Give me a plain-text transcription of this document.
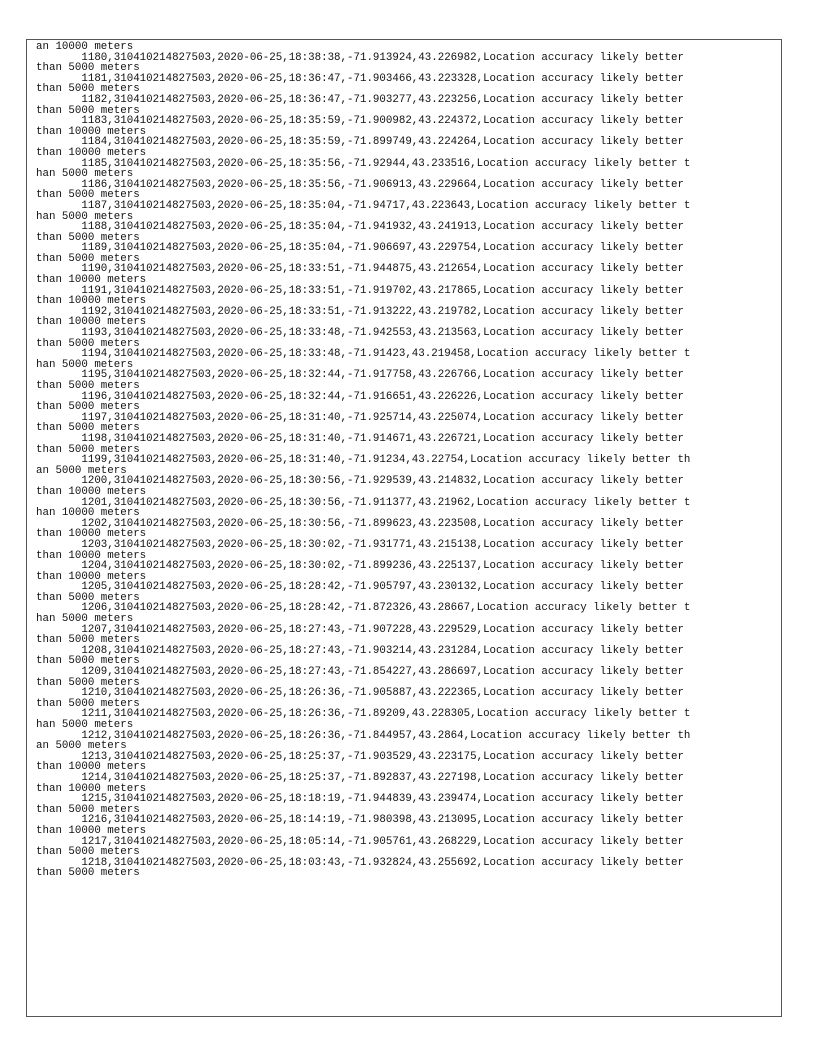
an 10000 meters
1180,310410214827503,2020-06-25,18:38:38,-71.913924,43.226982,Location accuracy likely better
than 5000 meters
1181,310410214827503,2020-06-25,18:36:47,-71.903466,43.223328,Location accuracy likely better
than 5000 meters
1182,310410214827503,2020-06-25,18:36:47,-71.903277,43.223256,Location accuracy likely better
than 5000 meters
1183,310410214827503,2020-06-25,18:35:59,-71.900982,43.224372,Location accuracy likely better
than 10000 meters
1184,310410214827503,2020-06-25,18:35:59,-71.899749,43.224264,Location accuracy likely better
than 10000 meters
1185,310410214827503,2020-06-25,18:35:56,-71.92944,43.233516,Location accuracy likely better t
han 5000 meters
1186,310410214827503,2020-06-25,18:35:56,-71.906913,43.229664,Location accuracy likely better
than 5000 meters
1187,310410214827503,2020-06-25,18:35:04,-71.94717,43.223643,Location accuracy likely better t
han 5000 meters
1188,310410214827503,2020-06-25,18:35:04,-71.941932,43.241913,Location accuracy likely better
than 5000 meters
1189,310410214827503,2020-06-25,18:35:04,-71.906697,43.229754,Location accuracy likely better
than 5000 meters
1190,310410214827503,2020-06-25,18:33:51,-71.944875,43.212654,Location accuracy likely better
than 10000 meters
1191,310410214827503,2020-06-25,18:33:51,-71.919702,43.217865,Location accuracy likely better
than 10000 meters
1192,310410214827503,2020-06-25,18:33:51,-71.913222,43.219782,Location accuracy likely better
than 10000 meters
1193,310410214827503,2020-06-25,18:33:48,-71.942553,43.213563,Location accuracy likely better
than 5000 meters
1194,310410214827503,2020-06-25,18:33:48,-71.91423,43.219458,Location accuracy likely better t
han 5000 meters
1195,310410214827503,2020-06-25,18:32:44,-71.917758,43.226766,Location accuracy likely better
than 5000 meters
1196,310410214827503,2020-06-25,18:32:44,-71.916651,43.226226,Location accuracy likely better
than 5000 meters
1197,310410214827503,2020-06-25,18:31:40,-71.925714,43.225074,Location accuracy likely better
than 5000 meters
1198,310410214827503,2020-06-25,18:31:40,-71.914671,43.226721,Location accuracy likely better
than 5000 meters
1199,310410214827503,2020-06-25,18:31:40,-71.91234,43.22754,Location accuracy likely better th
an 5000 meters
1200,310410214827503,2020-06-25,18:30:56,-71.929539,43.214832,Location accuracy likely better
than 10000 meters
1201,310410214827503,2020-06-25,18:30:56,-71.911377,43.21962,Location accuracy likely better t
han 10000 meters
1202,310410214827503,2020-06-25,18:30:56,-71.899623,43.223508,Location accuracy likely better
than 10000 meters
1203,310410214827503,2020-06-25,18:30:02,-71.931771,43.215138,Location accuracy likely better
than 10000 meters
1204,310410214827503,2020-06-25,18:30:02,-71.899236,43.225137,Location accuracy likely better
than 10000 meters
1205,310410214827503,2020-06-25,18:28:42,-71.905797,43.230132,Location accuracy likely better
than 5000 meters
1206,310410214827503,2020-06-25,18:28:42,-71.872326,43.28667,Location accuracy likely better t
han 5000 meters
1207,310410214827503,2020-06-25,18:27:43,-71.907228,43.229529,Location accuracy likely better
than 5000 meters
1208,310410214827503,2020-06-25,18:27:43,-71.903214,43.231284,Location accuracy likely better
than 5000 meters
1209,310410214827503,2020-06-25,18:27:43,-71.854227,43.286697,Location accuracy likely better
than 5000 meters
1210,310410214827503,2020-06-25,18:26:36,-71.905887,43.222365,Location accuracy likely better
than 5000 meters
1211,310410214827503,2020-06-25,18:26:36,-71.89209,43.228305,Location accuracy likely better t
han 5000 meters
1212,310410214827503,2020-06-25,18:26:36,-71.844957,43.2864,Location accuracy likely better th
an 5000 meters
1213,310410214827503,2020-06-25,18:25:37,-71.903529,43.223175,Location accuracy likely better
than 10000 meters
1214,310410214827503,2020-06-25,18:25:37,-71.892837,43.227198,Location accuracy likely better
than 10000 meters
1215,310410214827503,2020-06-25,18:18:19,-71.944839,43.239474,Location accuracy likely better
than 5000 meters
1216,310410214827503,2020-06-25,18:14:19,-71.980398,43.213095,Location accuracy likely better
than 10000 meters
1217,310410214827503,2020-06-25,18:05:14,-71.905761,43.268229,Location accuracy likely better
than 5000 meters
1218,310410214827503,2020-06-25,18:03:43,-71.932824,43.255692,Location accuracy likely better
than 5000 meters
